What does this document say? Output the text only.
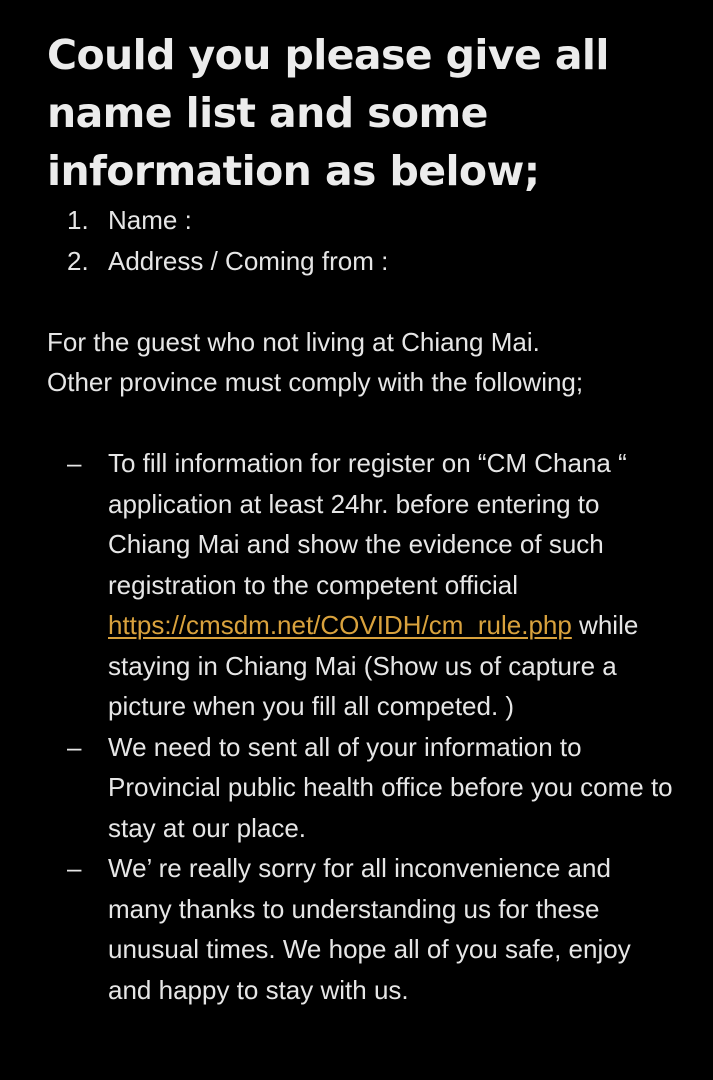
Could you please give all name list and some information as below;
1. Name :
2. Address / Coming from :

For the guest who not living at Chiang Mai.
Other province must comply with the following;

– To fill information for register on “CM Chana “ application at least 24hr. before entering to Chiang Mai and show the evidence of such registration to the competent official https://cmsdm.net/COVIDH/cm_rule.php while staying in Chiang Mai (Show us of capture a picture when you fill all competed. )
– We need to sent all of your information to Provincial public health office before you come to stay at our place.
– We’ re really sorry for all inconvenience and many thanks to understanding us for these unusual times. We hope all of you safe, enjoy and happy to stay with us.
